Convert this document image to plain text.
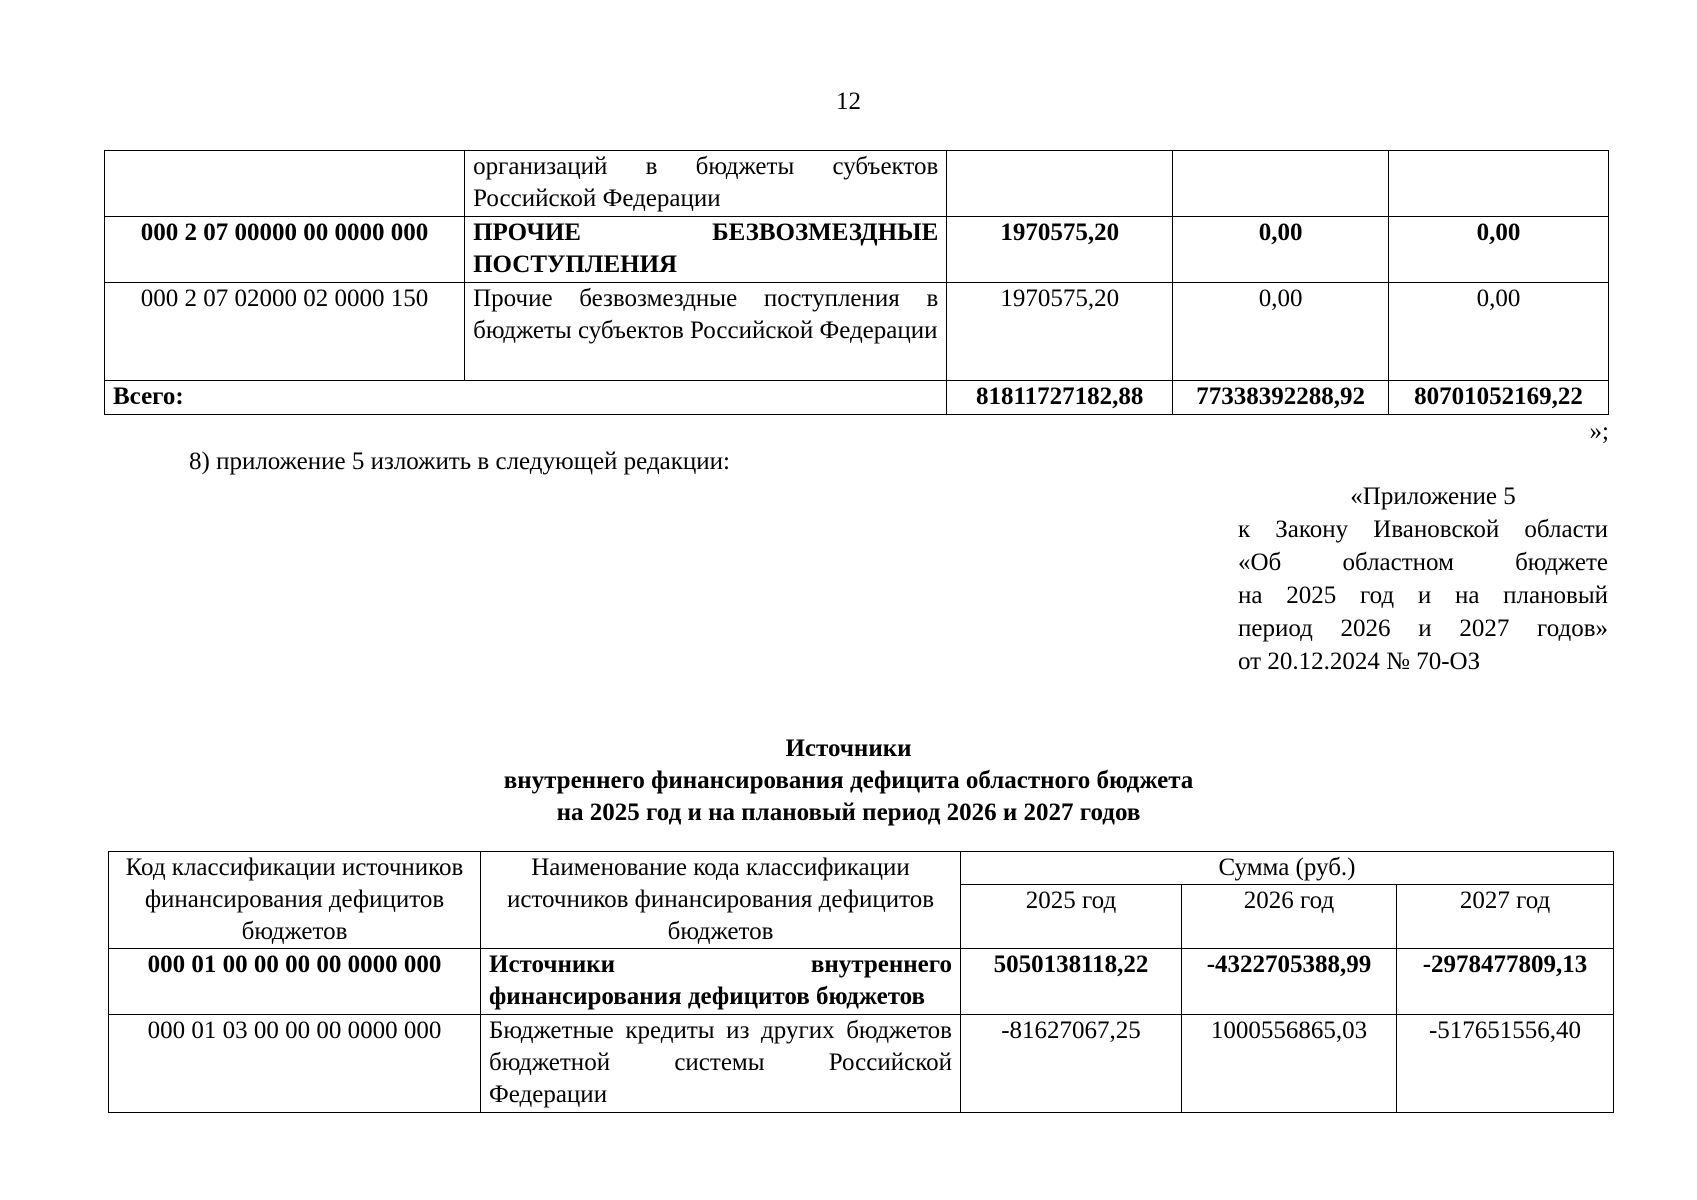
12
	организаций в бюджеты субъектов Российской Федерации			
000 2 07 00000 00 0000 000	ПРОЧИЕ БЕЗВОЗМЕЗДНЫЕ ПОСТУПЛЕНИЯ	1970575,20	0,00	0,00
000 2 07 02000 02 0000 150	Прочие безвозмездные поступления в бюджеты субъектов Российской Федерации	1970575,20	0,00	0,00
Всего:		81811727182,88	77338392288,92	80701052169,22
»;
8) приложение 5 изложить в следующей редакции:
«Приложение 5
к Закону Ивановской области
«Об областном бюджете
на 2025 год и на плановый
период 2026 и 2027 годов»
от 20.12.2024 № 70-ОЗ
Источники
внутреннего финансирования дефицита областного бюджета
на 2025 год и на плановый период 2026 и 2027 годов
Код классификации источников финансирования дефицитов бюджетов	Наименование кода классификации источников финансирования дефицитов бюджетов	Сумма (руб.)		
		2025 год	2026 год	2027 год
000 01 00 00 00 00 0000 000	Источники внутреннего финансирования дефицитов бюджетов	5050138118,22	-4322705388,99	-2978477809,13
000 01 03 00 00 00 0000 000	Бюджетные кредиты из других бюджетов бюджетной системы Российской Федерации	-81627067,25	1000556865,03	-517651556,40
